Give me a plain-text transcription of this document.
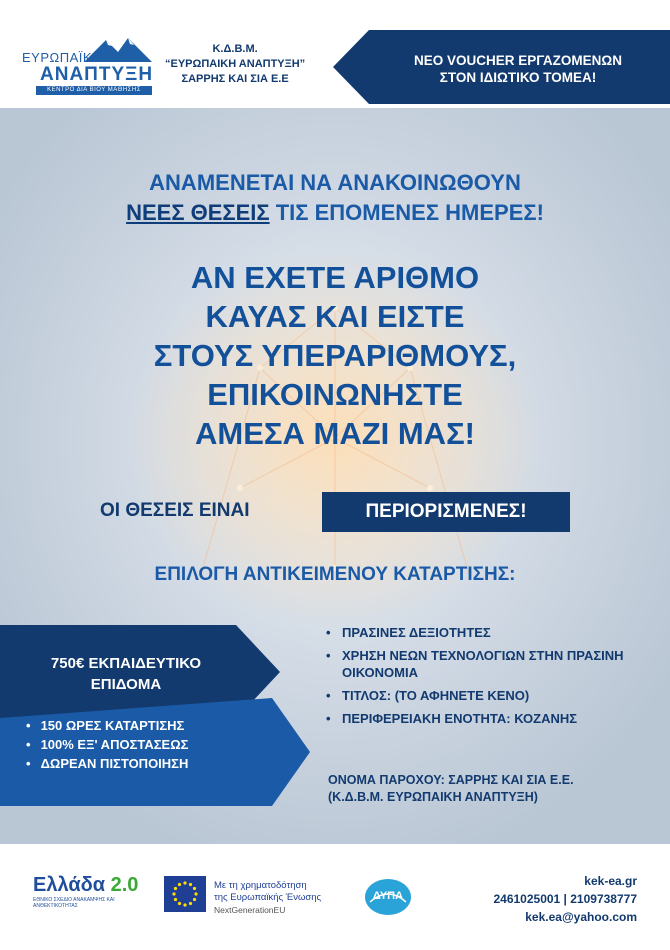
ΕΥΡΩΠΑΪΚΗ
ΑΝΑΠΤΥΞΗ
ΚΕΝΤΡΟ ΔΙΑ ΒΙΟΥ ΜΑΘΗΣΗΣ
Κ.Δ.Β.Μ.
“ΕΥΡΩΠΑΙΚΗ ΑΝΑΠΤΥΞΗ”
ΣΑΡΡΗΣ ΚΑΙ ΣΙΑ Ε.Ε
ΝΕΟ VOUCHER ΕΡΓΑΖΟΜΕΝΩΝ
ΣΤΟΝ ΙΔΙΩΤΙΚΟ ΤΟΜΕΑ!
ΑΝΑΜΕΝΕΤΑΙ ΝΑ ΑΝΑΚΟΙΝΩΘΟΥΝ
ΝΕΕΣ ΘΕΣΕΙΣ ΤΙΣ ΕΠΟΜΕΝΕΣ ΗΜΕΡΕΣ!
ΑΝ ΕΧΕΤΕ ΑΡΙΘΜΟ
ΚΑΥΑΣ ΚΑΙ ΕΙΣΤΕ
ΣΤΟΥΣ ΥΠΕΡΑΡΙΘΜΟΥΣ,
ΕΠΙΚΟΙΝΩΝΗΣΤΕ
ΑΜΕΣΑ ΜΑΖΙ ΜΑΣ!
ΟΙ ΘΕΣΕΙΣ ΕΙΝΑΙ	ΠΕΡΙΟΡΙΣΜΕΝΕΣ!
ΕΠΙΛΟΓΗ ΑΝΤΙΚΕΙΜΕΝΟΥ ΚΑΤΑΡΤΙΣΗΣ:
750€ ΕΚΠΑΙΔΕΥΤΙΚΟ
ΕΠΙΔΟΜΑ
• 150 ΩΡΕΣ ΚΑΤΑΡΤΙΣΗΣ
• 100% ΕΞ' ΑΠΟΣΤΑΣΕΩΣ
• ΔΩΡΕΑΝ ΠΙΣΤΟΠΟΙΗΣΗ
• ΠΡΑΣΙΝΕΣ ΔΕΞΙΟΤΗΤΕΣ
• ΧΡΗΣΗ ΝΕΩΝ ΤΕΧΝΟΛΟΓΙΩΝ ΣΤΗΝ ΠΡΑΣΙΝΗ ΟΙΚΟΝΟΜΙΑ
• ΤΙΤΛΟΣ: (ΤΟ ΑΦΗΝΕΤΕ ΚΕΝΟ)
• ΠΕΡΙΦΕΡΕΙΑΚΗ ΕΝΟΤΗΤΑ: ΚΟΖΑΝΗΣ
ΟΝΟΜΑ ΠΑΡΟΧΟΥ: ΣΑΡΡΗΣ ΚΑΙ ΣΙΑ Ε.Ε.
(Κ.Δ.Β.Μ. ΕΥΡΩΠΑΙΚΗ ΑΝΑΠΤΥΞΗ)
Ελλάδα 2.0
ΕΘΝΙΚΟ ΣΧΕΔΙΟ ΑΝΑΚΑΜΨΗΣ ΚΑΙ ΑΝΘΕΚΤΙΚΟΤΗΤΑΣ
Με τη χρηματοδότηση
της Ευρωπαϊκής Ένωσης
NextGenerationEU
ΔΥΠΑ
kek-ea.gr
2461025001 | 2109738777
kek.ea@yahoo.com
